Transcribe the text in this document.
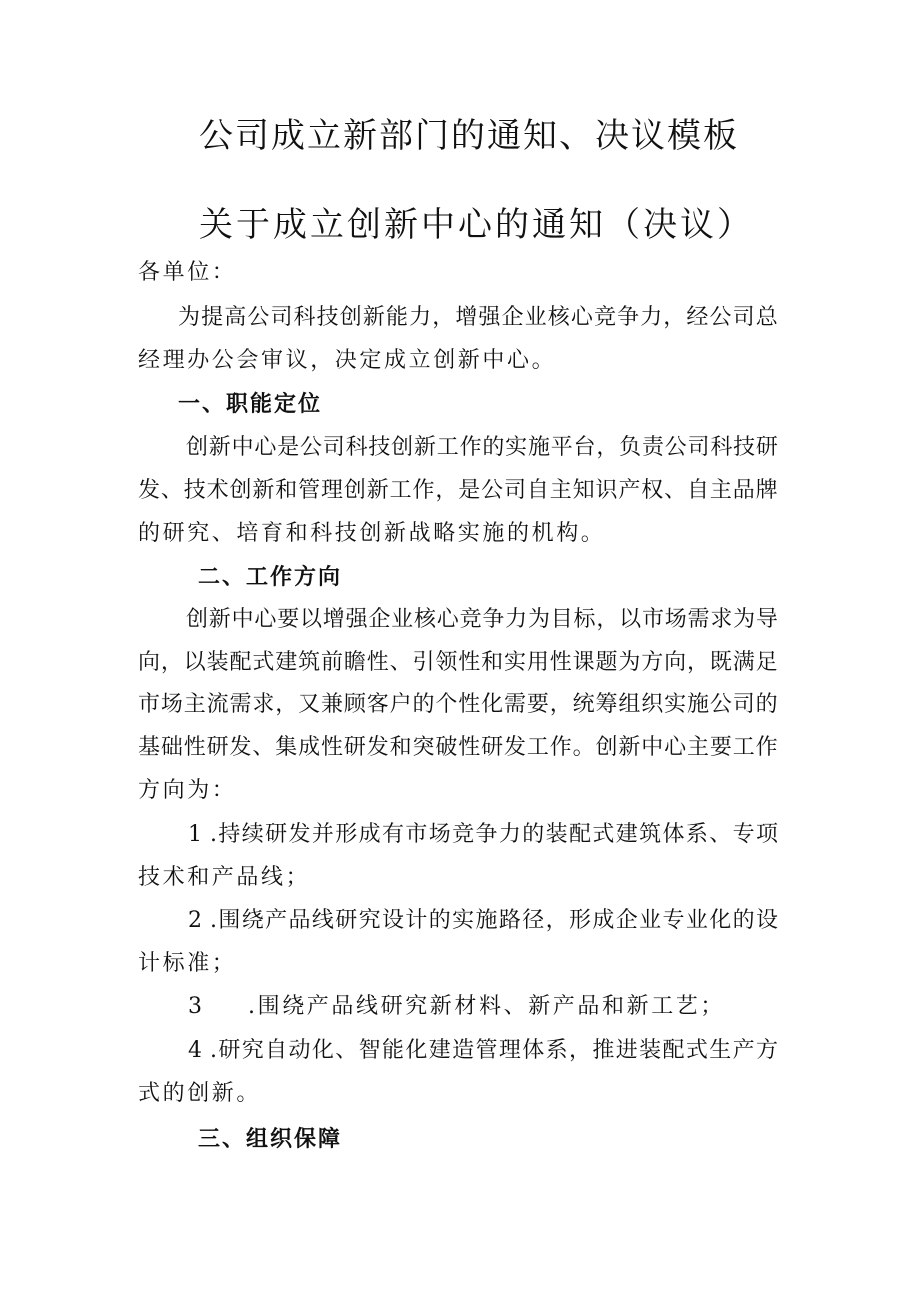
公司成立新部门的通知、决议模板
关于成立创新中心的通知（决议）
各单位：
为 提 高 公 司 科 技 创 新 能 力 ， 增 强 企 业 核 心 竞 争 力 ， 经 公 司 总
经理办公会审议，决定成立创新中心。
一、职能定位
创 新 中 心 是 公 司 科 技 创 新 工 作 的 实 施 平 台 ， 负 责 公 司 科 技 研
发 、 技 术 创 新 和 管 理 创 新 工 作 ， 是 公 司 自 主 知 识 产 权 、 自 主 品 牌
的研究、培育和科技创新战略实施的机构。
二、工作方向
创 新 中 心 要 以 增 强 企 业 核 心 竞 争 力 为 目 标 ， 以 市 场 需 求 为 导
向 ， 以 装 配 式 建 筑 前 瞻 性 、 引 领 性 和 实 用 性 课 题 为 方 向 ， 既 满 足
市 场 主 流 需 求 ， 又 兼 顾 客 户 的 个 性 化 需 要 ， 统 筹 组 织 实 施 公 司 的
基 础 性 研 发 、 集 成 性 研 发 和 突 破 性 研 发 工 作 。 创 新 中 心 主 要 工 作
方向为：
1 . 持 续 研 发 并 形 成 有 市 场 竞 争 力 的 装 配 式 建 筑 体 系 、 专 项
技术和产品线；
2 . 围 绕 产 品 线 研 究 设 计 的 实 施 路 径 ， 形 成 企 业 专 业 化 的 设
计标准；
3 .围绕产品线研究新材料、新产品和新工艺；
4 . 研 究 自 动 化 、 智 能 化 建 造 管 理 体 系 ， 推 进 装 配 式 生 产 方
式的创新。
三、组织保障
